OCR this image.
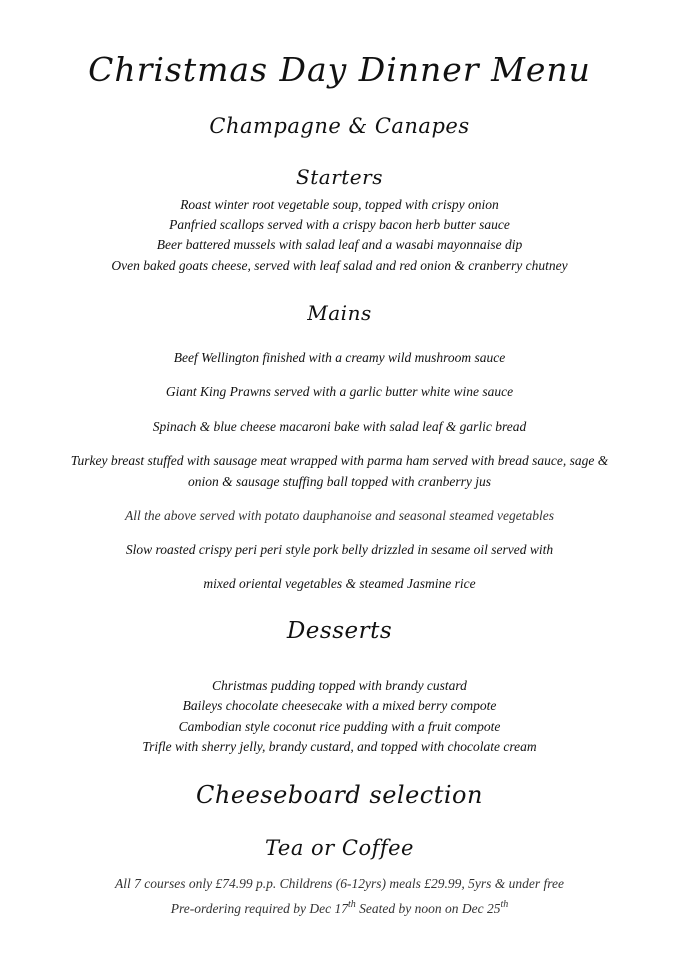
Christmas Day Dinner Menu
Champagne & Canapes
Starters
Roast winter root vegetable soup, topped with crispy onion
Panfried scallops served with a crispy bacon herb butter sauce
Beer battered mussels with salad leaf and a wasabi mayonnaise dip
Oven baked goats cheese, served with leaf salad and red onion & cranberry chutney
Mains
Beef Wellington finished with a creamy wild mushroom sauce
Giant King Prawns served with a garlic butter white wine sauce
Spinach & blue cheese macaroni bake with salad leaf & garlic bread
Turkey breast stuffed with sausage meat wrapped with parma ham served with bread sauce, sage &
onion & sausage stuffing ball topped with cranberry jus
All the above served with potato dauphanoise and seasonal steamed vegetables
Slow roasted crispy peri peri style pork belly drizzled in sesame oil served with
mixed oriental vegetables & steamed Jasmine rice
Desserts
Christmas pudding topped with brandy custard
Baileys chocolate cheesecake with a mixed berry compote
Cambodian style coconut rice pudding with a fruit compote
Trifle with sherry jelly, brandy custard, and topped with chocolate cream
Cheeseboard selection
Tea or Coffee
All 7 courses only £74.99 p.p. Childrens (6-12yrs) meals £29.99, 5yrs & under free
Pre-ordering required by Dec 17th Seated by noon on Dec 25th
